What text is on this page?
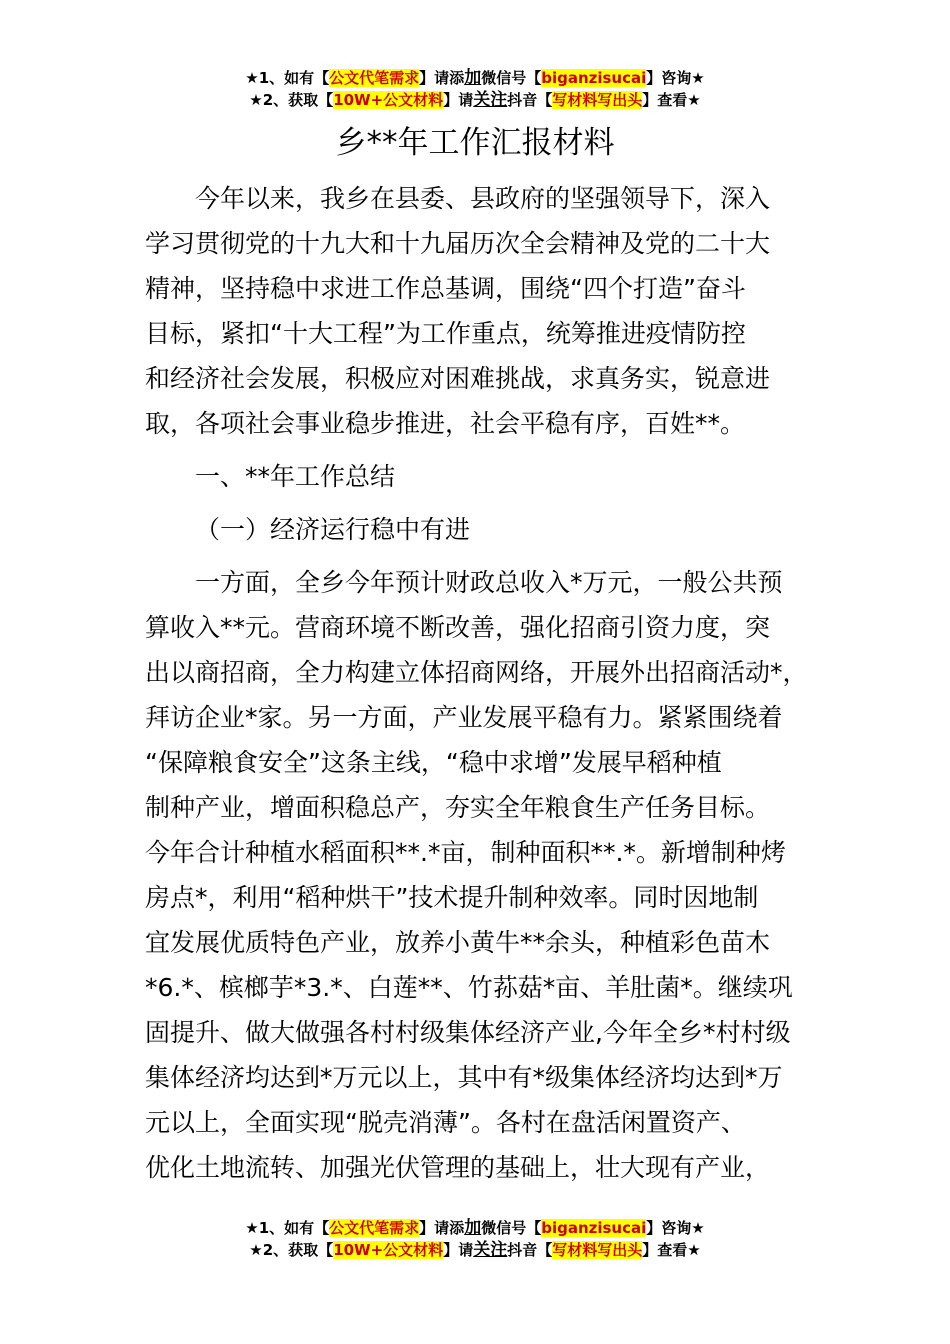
★1、如有【公文代笔需求】请添加微信号【biganzisucai】咨询★
★2、获取【10W+公文材料】请关注抖音【写材料写出头】查看★
乡**年工作汇报材料
今年以来，我乡在县委、县政府的坚强领导下，深入
学习贯彻党的十九大和十九届历次全会精神及党的二十大
精神，坚持稳中求进工作总基调，围绕“四个打造”奋斗
目标，紧扣“十大工程”为工作重点，统筹推进疫情防控
和经济社会发展，积极应对困难挑战，求真务实，锐意进
取，各项社会事业稳步推进，社会平稳有序，百姓**。
一、**年工作总结
（一）经济运行稳中有进
一方面，全乡今年预计财政总收入*万元，一般公共预
算收入**元。营商环境不断改善，强化招商引资力度，突
出以商招商，全力构建立体招商网络，开展外出招商活动*，
拜访企业*家。另一方面，产业发展平稳有力。紧紧围绕着
“保障粮食安全”这条主线，“稳中求增”发展早稻种植
制种产业，增面积稳总产，夯实全年粮食生产任务目标。
今年合计种植水稻面积**.*亩，制种面积**.*。新增制种烤
房点*，利用“稻种烘干”技术提升制种效率。同时因地制
宜发展优质特色产业，放养小黄牛**余头，种植彩色苗木
*6.*、槟榔芋*3.*、白莲**、竹荪菇*亩、羊肚菌*。继续巩
固提升、做大做强各村村级集体经济产业,今年全乡*村村级
集体经济均达到*万元以上，其中有*级集体经济均达到*万
元以上，全面实现“脱壳消薄”。各村在盘活闲置资产、
优化土地流转、加强光伏管理的基础上，壮大现有产业，
★1、如有【公文代笔需求】请添加微信号【biganzisucai】咨询★
★2、获取【10W+公文材料】请关注抖音【写材料写出头】查看★
